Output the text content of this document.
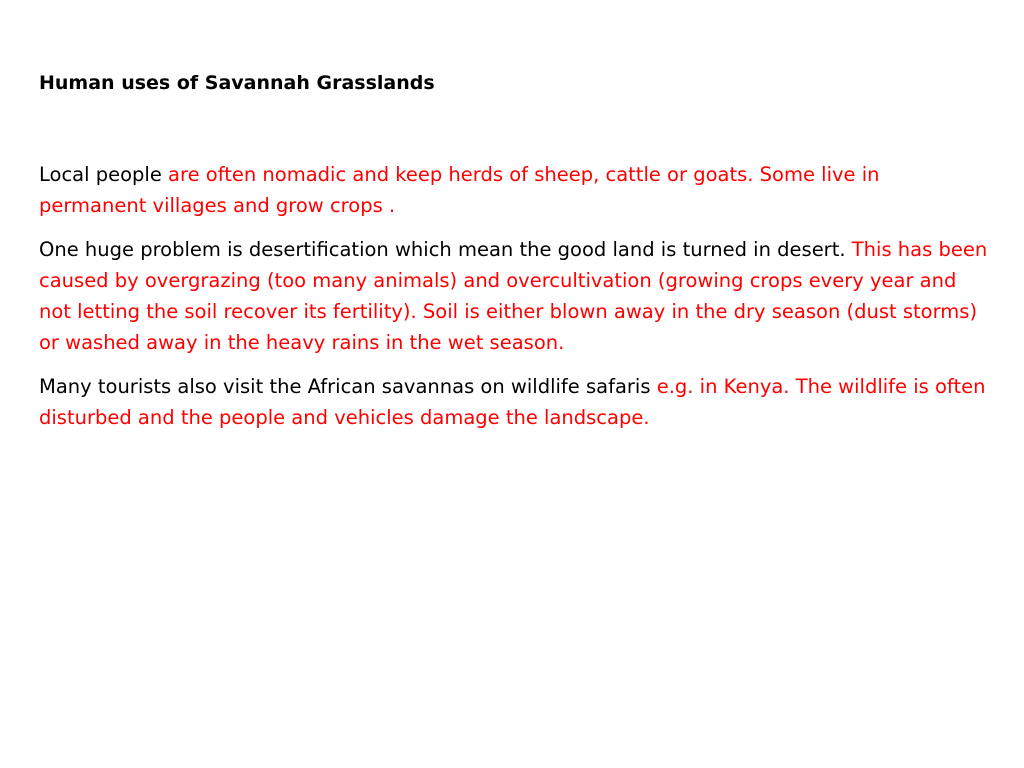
Human uses of Savannah Grasslands

Local people are often nomadic and keep herds of sheep, cattle or goats. Some live in permanent villages and grow crops .

One huge problem is desertification which mean the good land is turned in desert. This has been caused by overgrazing (too many animals) and overcultivation (growing crops every year and not letting the soil recover its fertility). Soil is either blown away in the dry season (dust storms) or washed away in the heavy rains in the wet season.

Many tourists also visit the African savannas on wildlife safaris e.g. in Kenya. The wildlife is often disturbed and the people and vehicles damage the landscape.
